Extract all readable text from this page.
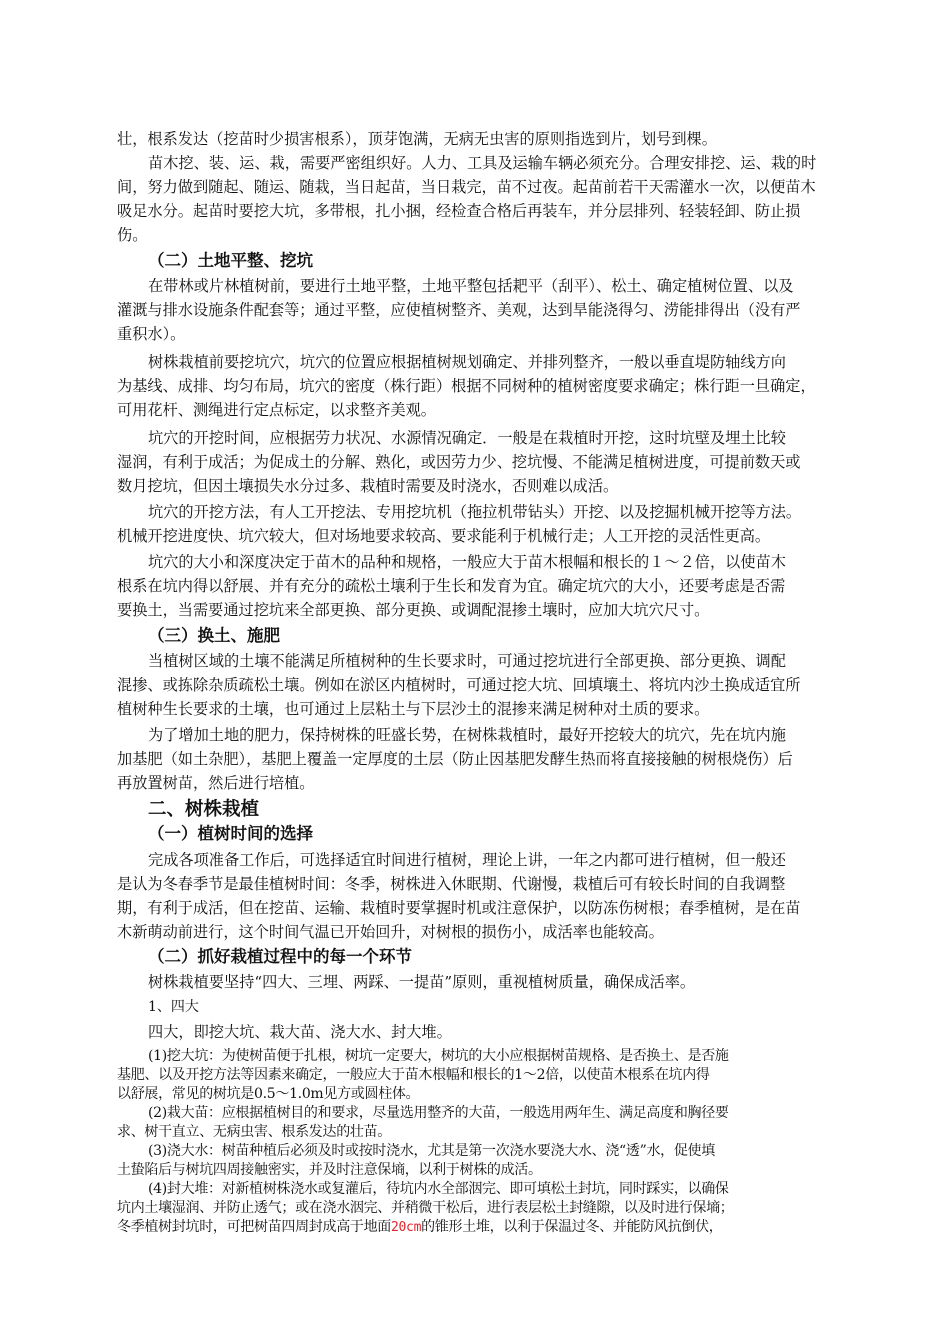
壮，根系发达（挖苗时少损害根系），顶芽饱满，无病无虫害的原则指选到片，划号到棵。
苗木挖、装、运、栽，需要严密组织好。人力、工具及运输车辆必须充分。合理安排挖、运、栽的时
间，努力做到随起、随运、随栽，当日起苗，当日栽完，苗不过夜。起苗前若干天需灌水一次，以便苗木
吸足水分。起苗时要挖大坑，多带根，扎小捆，经检查合格后再装车，并分层排列、轻装轻卸、防止损
伤。
（二）土地平整、挖坑
在带林或片林植树前，要进行土地平整，土地平整包括耙平（刮平）、松土、确定植树位置、以及
灌溉与排水设施条件配套等；通过平整，应使植树整齐、美观，达到旱能浇得匀、涝能排得出（没有严
重积水）。
树株栽植前要挖坑穴，坑穴的位置应根据植树规划确定、并排列整齐，一般以垂直堤防轴线方向
为基线、成排、均匀布局，坑穴的密度（株行距）根据不同树种的植树密度要求确定；株行距一旦确定，
可用花杆、测绳进行定点标定，以求整齐美观。
坑穴的开挖时间，应根据劳力状况、水源情况确定．一般是在栽植时开挖，这时坑壁及埋土比较
湿润，有利于成活；为促成土的分解、熟化，或因劳力少、挖坑慢、不能满足植树进度，可提前数天或
数月挖坑，但因土壤损失水分过多、栽植时需要及时浇水，否则难以成活。
坑穴的开挖方法，有人工开挖法、专用挖坑机（拖拉机带钻头）开挖、以及挖掘机械开挖等方法。
机械开挖进度快、坑穴较大，但对场地要求较高、要求能利于机械行走；人工开挖的灵活性更高。
坑穴的大小和深度决定于苗木的品种和规格，一般应大于苗木根幅和根长的１～２倍，以使苗木
根系在坑内得以舒展、并有充分的疏松土壤利于生长和发育为宜。确定坑穴的大小，还要考虑是否需
要换土，当需要通过挖坑来全部更换、部分更换、或调配混掺土壤时，应加大坑穴尺寸。
（三）换土、施肥
当植树区域的土壤不能满足所植树种的生长要求时，可通过挖坑进行全部更换、部分更换、调配
混掺、或拣除杂质疏松土壤。例如在淤区内植树时，可通过挖大坑、回填壤土、将坑内沙土换成适宜所
植树种生长要求的土壤，也可通过上层粘土与下层沙土的混掺来满足树种对土质的要求。
为了增加土地的肥力，保持树株的旺盛长势，在树株栽植时，最好开挖较大的坑穴，先在坑内施
加基肥（如土杂肥），基肥上覆盖一定厚度的土层（防止因基肥发酵生热而将直接接触的树根烧伤）后
再放置树苗，然后进行培植。
二、树株栽植
（一）植树时间的选择
完成各项准备工作后，可选择适宜时间进行植树，理论上讲，一年之内都可进行植树，但一般还
是认为冬春季节是最佳植树时间：冬季，树株进入休眠期、代谢慢，栽植后可有较长时间的自我调整
期，有利于成活，但在挖苗、运输、栽植时要掌握时机或注意保护，以防冻伤树根；春季植树，是在苗
木新萌动前进行，这个时间气温已开始回升，对树根的损伤小，成活率也能较高。
（二）抓好栽植过程中的每一个环节
树株栽植要坚持“四大、三埋、两踩、一提苗”原则，重视植树质量，确保成活率。
1、四大
四大，即挖大坑、栽大苗、浇大水、封大堆。
(1)挖大坑：为使树苗便于扎根，树坑一定要大，树坑的大小应根据树苗规格、是否换土、是否施
基肥、以及开挖方法等因素来确定，一般应大于苗木根幅和根长的1～2倍，以使苗木根系在坑内得
以舒展，常见的树坑是0.5～1.0m见方或圆柱体。
(2)栽大苗：应根据植树目的和要求，尽量选用整齐的大苗，一般选用两年生、满足高度和胸径要
求、树干直立、无病虫害、根系发达的壮苗。
(3)浇大水：树苗种植后必须及时或按时浇水，尤其是第一次浇水要浇大水、浇“透”水，促使填
土蛰陷后与树坑四周接触密实，并及时注意保墒，以利于树株的成活。
(4)封大堆：对新植树株浇水或复灌后，待坑内水全部洇完、即可填松土封坑，同时踩实，以确保
坑内土壤湿润、并防止透气；或在浇水洇完、并稍微干松后，进行表层松土封缝隙，以及时进行保墒；
冬季植树封坑时，可把树苗四周封成高于地面20cm的锥形土堆，以利于保温过冬、并能防风抗倒伏，
